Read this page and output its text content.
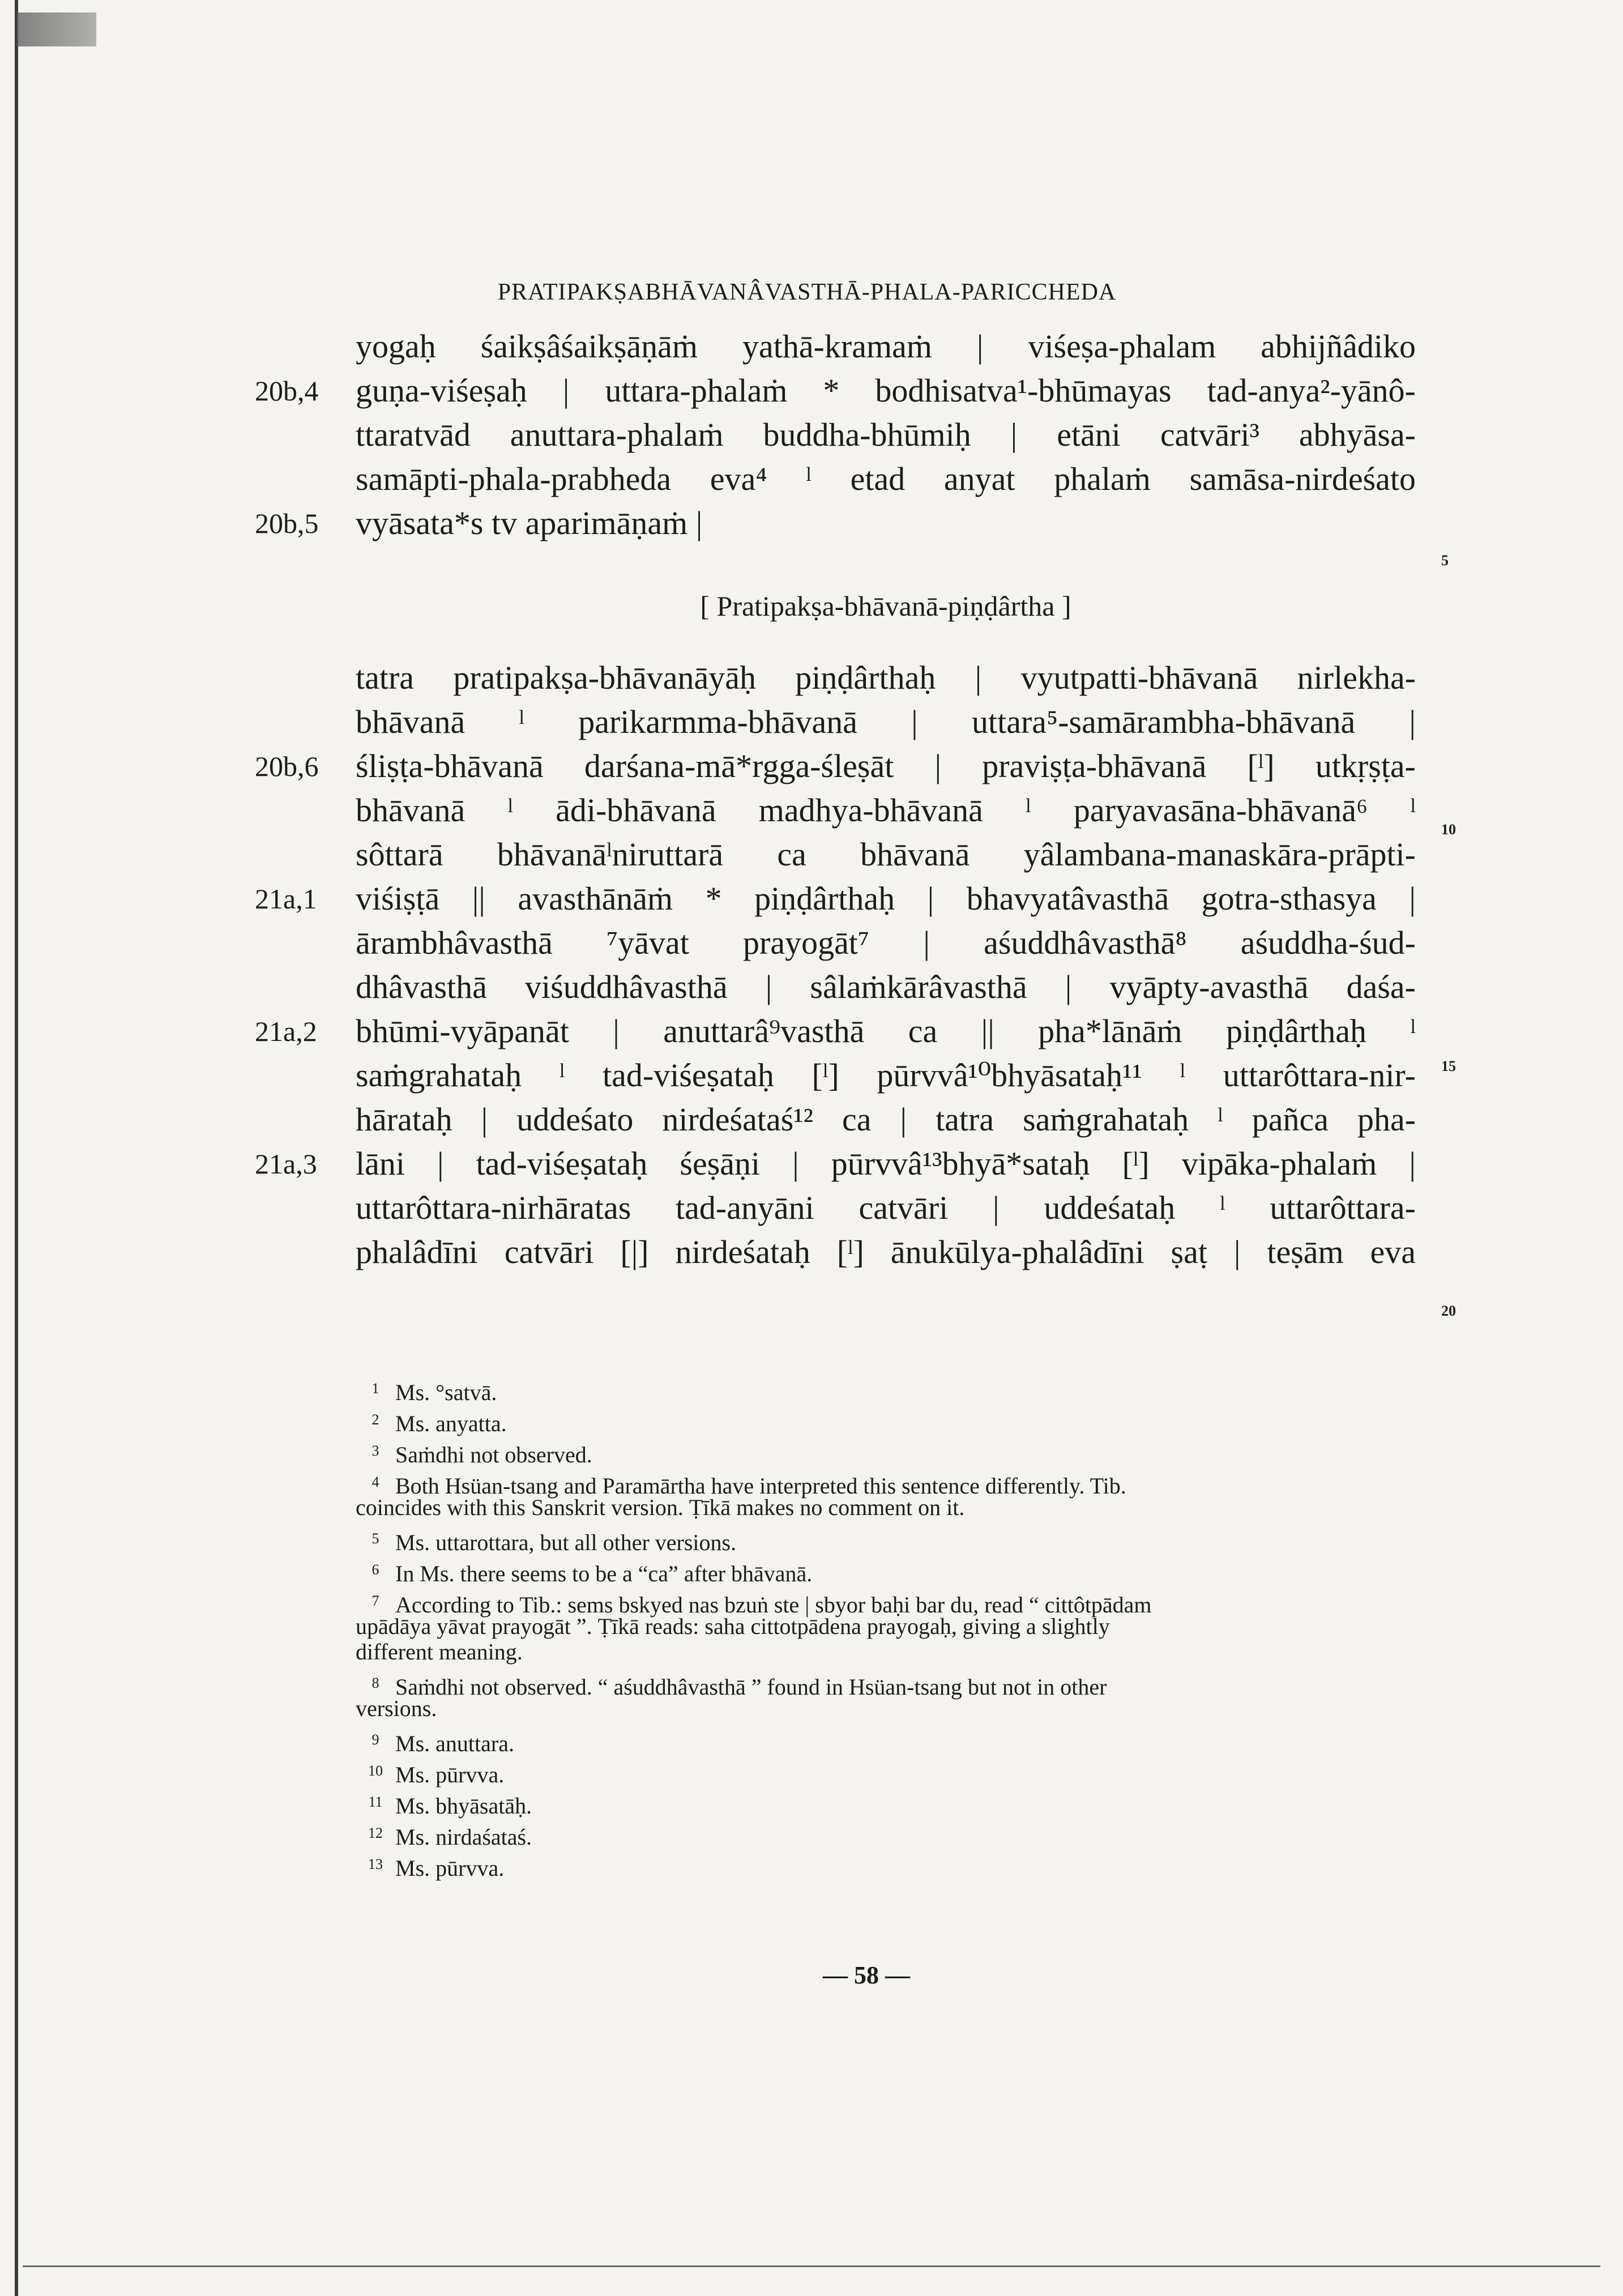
PRATIPAKṢABHĀVANÂVASTHĀ-PHALA-PARICCHEDA
yogaḥ śaikṣâśaikṣāṇāṁ yathā-kramaṁ | viśeṣa-phalam abhijñâdiko
guṇa-viśeṣaḥ | uttara-phalaṁ * bodhisatva¹-bhūmayas tad-anya²-yānô-
ttaratvād anuttara-phalaṁ buddha-bhūmiḥ | etāni catvāri³ abhyāsa-
samāpti-phala-prabheda eva⁴ ˡ etad anyat phalaṁ samāsa-nirdeśato
vyāsata*s tv aparimāṇaṁ |
[ Pratipakṣa-bhāvanā-piṇḍârtha ]
tatra pratipakṣa-bhāvanāyāḥ piṇḍârthaḥ | vyutpatti-bhāvanā nirlekha-
bhāvanā ˡ parikarmma-bhāvanā | uttara⁵-samārambha-bhāvanā |
śliṣṭa-bhāvanā darśana-mā*rgga-śleṣāt | praviṣṭa-bhāvanā [ˡ] utkṛṣṭa-
bhāvanā ˡ ādi-bhāvanā madhya-bhāvanā ˡ paryavasāna-bhāvanā⁶ ˡ
sôttarā bhāvanāˡniruttarā ca bhāvanā yâlambana-manaskāra-prāpti-
viśiṣṭā || avasthānāṁ * piṇḍârthaḥ | bhavyatâvasthā gotra-sthasya |
ārambhâvasthā ⁷yāvat prayogāt⁷ | aśuddhâvasthā⁸ aśuddha-śud-
dhâvasthā viśuddhâvasthā | sâlaṁkārâvasthā | vyāpty-avasthā daśa-
bhūmi-vyāpanāt | anuttarâ⁹vasthā ca || pha*lānāṁ piṇḍârthaḥ ˡ
saṁgrahataḥ ˡ tad-viśeṣataḥ [ˡ] pūrvvâ¹⁰bhyāsataḥ¹¹ ˡ uttarôttara-nir-
hārataḥ | uddeśato nirdeśataś¹² ca | tatra saṁgrahataḥ ˡ pañca pha-
lāni | tad-viśeṣataḥ śeṣāṇi | pūrvvâ¹³bhyā*sataḥ [ˡ] vipāka-phalaṁ |
uttarôttara-nirhāratas tad-anyāni catvāri | uddeśataḥ ˡ uttarôttara-
phalâdīni catvāri [|] nirdeśataḥ [ˡ] ānukūlya-phalâdīni ṣaṭ | teṣām eva
20b,4
20b,5
20b,6
21a,1
21a,2
21a,3
5
10
15
20
1 Ms. °satvā.
2 Ms. anyatta.
3 Saṁdhi not observed.
4 Both Hsüan-tsang and Paramārtha have interpreted this sentence differently. Tib.
coincides with this Sanskrit version. Ṭīkā makes no comment on it.
5 Ms. uttarottara, but all other versions.
6 In Ms. there seems to be a “ca” after bhāvanā.
7 According to Tib.: sems bskyed nas bzuṅ ste | sbyor baḥi bar du, read “ cittôtpādam
upādāya yāvat prayogāt ”. Ṭīkā reads: saha cittotpādena prayogaḥ, giving a slightly
different meaning.
8 Saṁdhi not observed. “ aśuddhâvasthā ” found in Hsüan-tsang but not in other
versions.
9 Ms. anuttara.
10 Ms. pūrvva.
11 Ms. bhyāsatāḥ.
12 Ms. nirdaśataś.
13 Ms. pūrvva.
— 58 —
